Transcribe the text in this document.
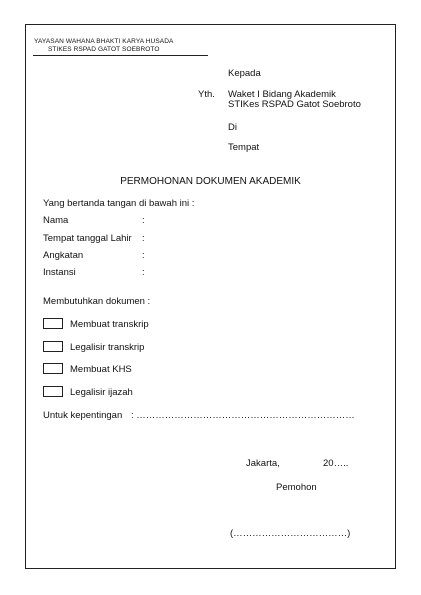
YAYASAN WAHANA BHAKTI KARYA HUSADA
STIKES RSPAD GATOT SOEBROTO
Kepada
Yth. Waket I Bidang Akademik
STIKes RSPAD Gatot Soebroto
Di
Tempat
PERMOHONAN DOKUMEN AKADEMIK
Yang bertanda tangan di bawah ini :
Nama	:
Tempat tanggal Lahir :
Angkatan	:
Instansi	:
Membutuhkan dokumen :
Membuat transkrip
Legalisir transkrip
Membuat KHS
Legalisir ijazah
Untuk kepentingan : ……………………………………………………………
Jakarta,	20…..
Pemohon
(………………………………)
